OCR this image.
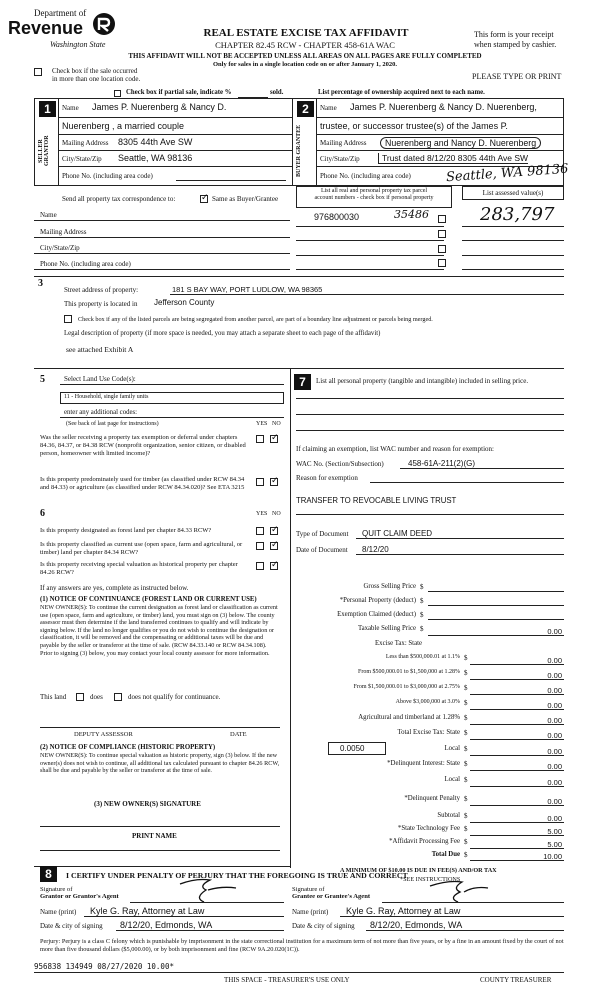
Department of
Revenue
Washington State
REAL ESTATE EXCISE TAX AFFIDAVIT
CHAPTER 82.45 RCW - CHAPTER 458-61A WAC
THIS AFFIDAVIT WILL NOT BE ACCEPTED UNLESS ALL AREAS ON ALL PAGES ARE FULLY COMPLETED
Only for sales in a single location code on or after January 1, 2020.
This form is your receipt
when stamped by cashier.
PLEASE TYPE OR PRINT
Check box if the sale occurred
in more than one location code.
Check box if partial sale, indicate %	sold.	List percentage of ownership acquired next to each name.
1
SELLER GRANTOR
Name James P. Nuerenberg & Nancy D.
Nuerenberg , a married couple
Mailing Address 8305 44th Ave SW
City/State/Zip Seattle, WA 98136
Phone No. (including area code)
2
BUYER GRANTEE
Name James P. Nuerenberg & Nancy D. Nuerenberg,
trustee, or successor trustee(s) of the James P.
Mailing Address	Nuerenberg and Nancy D. Nuerenberg
City/State/Zip	Trust dated 8/12/20 8305 44th Ave SW
Phone No. (including area code)	Seattle, WA 98136
Send all property tax correspondence to:
✓	Same as Buyer/Grantee
Name
Mailing Address
City/State/Zip
Phone No. (including area code)
List all real and personal property tax parcel
account numbers - check box if personal property
List assessed value(s)
976800030	35486	283,797
3
Street address of property:	181 S BAY WAY, PORT LUDLOW, WA 98365
This property is located in Jefferson County
Check box if any of the listed parcels are being segregated from another parcel, are part of a boundary line adjustment or parcels being merged.
Legal description of property (if more space is needed, you may attach a separate sheet to each page of the affidavit)
see attached Exhibit A
5	Select Land Use Code(s):
11 - Household, single family units
enter any additional codes:
(See back of last page for instructions)	YES NO
Was the seller receiving a property tax exemption or deferral under chapters 84.36, 84.37, or 84.38 RCW (nonprofit organization, senior citizen, or disabled person, homeowner with limited income)?
✓
Is this property predominately used for timber (as classified under RCW 84.34 and 84.33) or agriculture (as classified under RCW 84.34.020)? See ETA 3215
✓
6	YES NO
Is this property designated as forest land per chapter 84.33 RCW?
✓
Is this property classified as current use (open space, farm and agricultural, or timber) land per chapter 84.34 RCW?
✓
Is this property receiving special valuation as historical property per chapter 84.26 RCW?
✓
If any answers are yes, complete as instructed below.
(1) NOTICE OF CONTINUANCE (FOREST LAND OR CURRENT USE)
NEW OWNER(S): To continue the current designation as forest land or classification as current use (open space, farm and agriculture, or timber) land, you must sign on (3) below. The county assessor must then determine if the land transferred continues to qualify and will indicate by signing below. If the land no longer qualifies or you do not wish to continue the designation or classification, it will be removed and the compensating or additional taxes will be due and payable by the seller or transferor at the time of sale. (RCW 84.33.140 or RCW 84.34.108). Prior to signing (3) below, you may contact your local county assessor for more information.
This land	does	does not qualify for continuance.
DEPUTY ASSESSOR	DATE
(2) NOTICE OF COMPLIANCE (HISTORIC PROPERTY)
NEW OWNER(S): To continue special valuation as historic property, sign (3) below. If the new owner(s) does not wish to continue, all additional tax calculated pursuant to chapter 84.26 RCW, shall be due and payable by the seller or transferor at the time of sale.
(3) NEW OWNER(S) SIGNATURE
PRINT NAME
7	List all personal property (tangible and intangible) included in selling price.
If claiming an exemption, list WAC number and reason for exemption:
WAC No. (Section/Subsection)	458-61A-211(2)(G)
Reason for exemption
TRANSFER TO REVOCABLE LIVING TRUST
Type of Document QUIT CLAIM DEED
Date of Document 8/12/20
Gross Selling Price $
*Personal Property (deduct) $
Exemption Claimed (deduct) $
Taxable Selling Price $	0.00
Excise Tax: State
Less than $500,000.01 at 1.1% $	0.00
From $500,000.01 to $1,500,000 at 1.28% $	0.00
From $1,500,000.01 to $3,000,000 at 2.75% $	0.00
Above $3,000,000 at 3.0% $	0.00
Agricultural and timberland at 1.28% $	0.00
Total Excise Tax: State $	0.00
0.0050	Local $	0.00
*Delinquent Interest: State $	0.00
Local $	0.00
*Delinquent Penalty $	0.00
Subtotal $	0.00
*State Technology Fee $	5.00
*Affidavit Processing Fee $	5.00
Total Due $	10.00
A MINIMUM OF $10.00 IS DUE IN FEE(S) AND/OR TAX
*SEE INSTRUCTIONS
8	I CERTIFY UNDER PENALTY OF PERJURY THAT THE FOREGOING IS TRUE AND CORRECT
Signature of
Grantor or Grantor's Agent
Signature of
Grantee or Grantee's Agent
Name (print) Kyle G. Ray, Attorney at Law	Name (print) Kyle G. Ray, Attorney at Law
Date & city of signing 8/12/20, Edmonds, WA	Date & city of signing 8/12/20, Edmonds, WA
Perjury: Perjury is a class C felony which is punishable by imprisonment in the state correctional institution for a maximum term of not more than five years, or by a fine in an amount fixed by the court of not more than five thousand dollars ($5,000.00), or by both imprisonment and fine (RCW 9A.20.020(1C)).
956838 134949 08/27/2020 10.00*
THIS SPACE - TREASURER'S USE ONLY	COUNTY TREASURER
